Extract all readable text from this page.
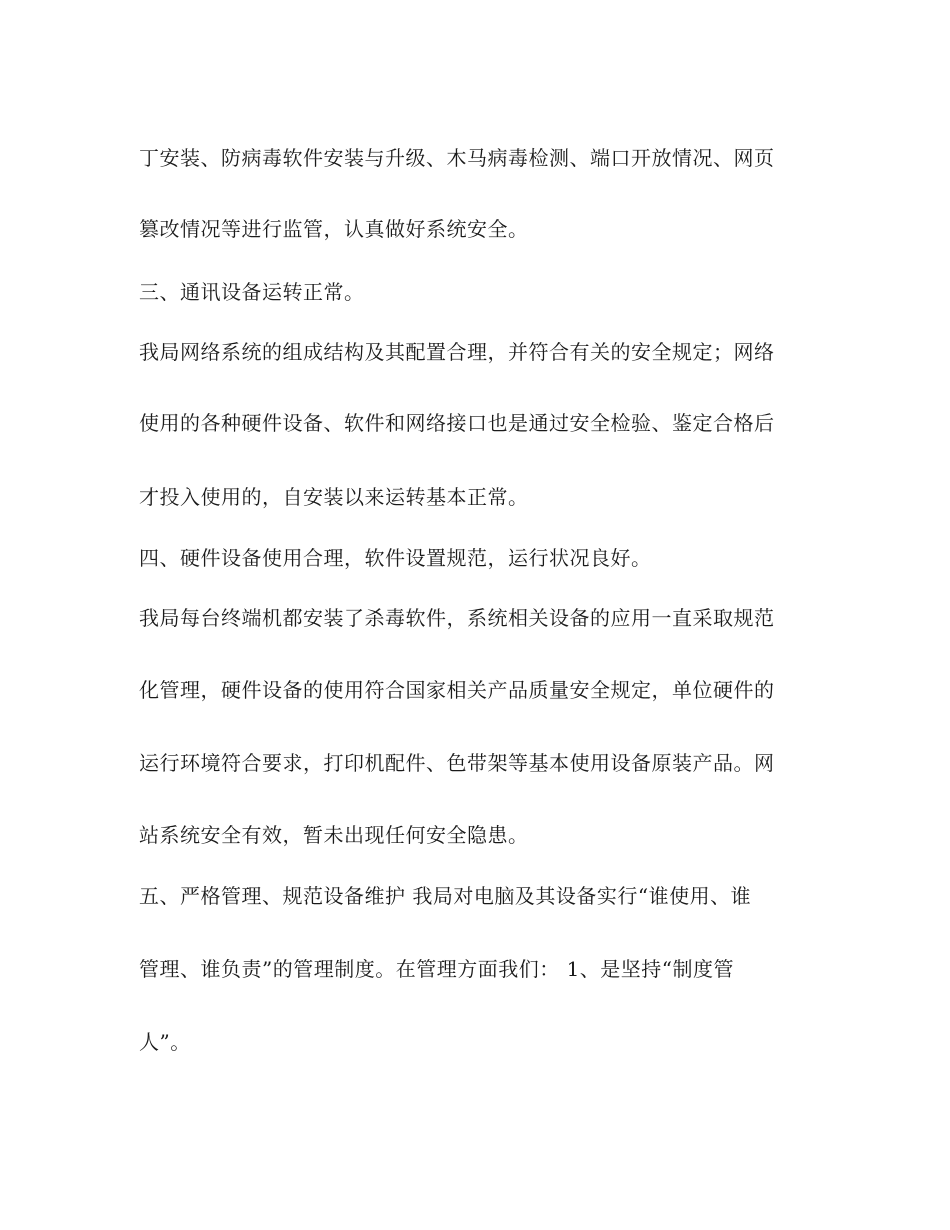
丁安装、防病毒软件安装与升级、木马病毒检测、端口开放情况、网页
篡改情况等进行监管，认真做好系统安全。
三、通讯设备运转正常。
我局网络系统的组成结构及其配置合理，并符合有关的安全规定；网络
使用的各种硬件设备、软件和网络接口也是通过安全检验、鉴定合格后
才投入使用的，自安装以来运转基本正常。
四、硬件设备使用合理，软件设置规范，运行状况良好。
我局每台终端机都安装了杀毒软件，系统相关设备的应用一直采取规范
化管理，硬件设备的使用符合国家相关产品质量安全规定，单位硬件的
运行环境符合要求，打印机配件、色带架等基本使用设备原装产品。网
站系统安全有效，暂未出现任何安全隐患。
五、严格管理、规范设备维护 我局对电脑及其设备实行“谁使用、谁
管理、谁负责”的管理制度。在管理方面我们： 1、是坚持“制度管
人”。
